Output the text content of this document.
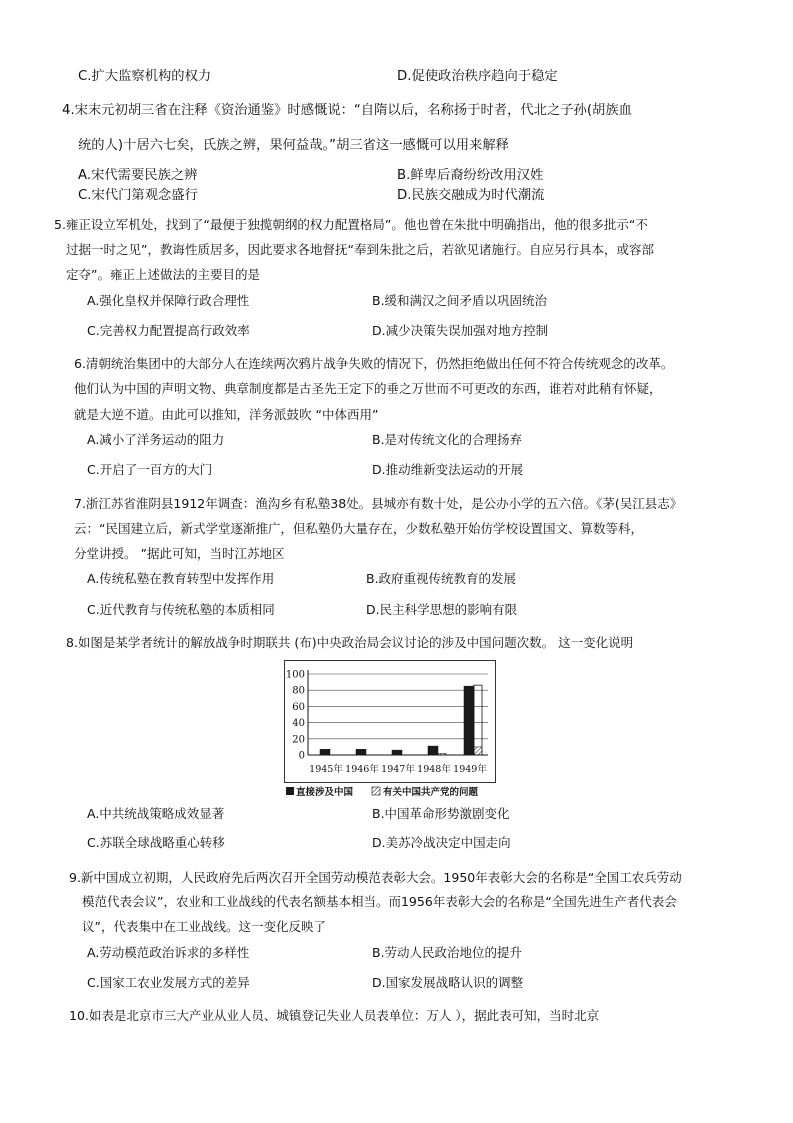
C.扩大监察机构的权力	D.促使政治秩序趋向于稳定
4.宋末元初胡三省在注释《资治通鉴》时感慨说：“自隋以后，名称扬于时者，代北之子孙(胡族血
统的人)十居六七矣，氏族之辨，果何益哉。”胡三省这一感慨可以用来解释
A.宋代需要民族之辨	B.鲜卑后裔纷纷改用汉姓
C.宋代门第观念盛行	D.民族交融成为时代潮流
5.雍正设立军机处，找到了“最便于独揽朝纲的权力配置格局”。他也曾在朱批中明确指出，他的很多批示“不
过据一时之见”，教诲性质居多，因此要求各地督抚“奉到朱批之后，若欲见诸施行。自应另行具本，或容部
定夺”。雍正上述做法的主要目的是
A.强化皇权并保障行政合理性	B.缓和满汉之间矛盾以巩固统治
C.完善权力配置提高行政效率	D.减少决策失误加强对地方控制
6.清朝统治集团中的大部分人在连续两次鸦片战争失败的情况下，仍然拒绝做出任何不符合传统观念的改革。
他们认为中国的声明文物、典章制度都是古圣先王定下的垂之万世而不可更改的东西，谁若对此稍有怀疑，
就是大逆不道。由此可以推知，洋务派鼓吹 “中体西用”
A.减小了洋务运动的阻力	B.是对传统文化的合理扬弃
C.开启了一百方的大门	D.推动维新变法运动的开展
7.浙江苏省淮阴县1912年调查：渔沟乡有私塾38处。县城亦有数十处，是公办小学的五六倍。《茅(吴江县志》
云：“民国建立后，新式学堂逐渐推广，但私塾仍大量存在，少数私塾开始仿学校设置国文、算数等科，
分堂讲授。 ”据此可知，当时江苏地区
A.传统私塾在教育转型中发挥作用	B.政府重视传统教育的发展
C.近代教育与传统私塾的本质相同	D.民主科学思想的影响有限
8.如图是某学者统计的解放战争时期联共 (布)中央政治局会议讨论的涉及中国问题次数。 这一变化说明
100
80
60
40
20
0
1945年 1946年 1947年 1948年 1949年
直接涉及中国	有关中国共产党的问题
A.中共统战策略成效显著	B.中国革命形势激剧变化
C.苏联全球战略重心转移	D.美苏冷战决定中国走向
9.新中国成立初期，人民政府先后两次召开全国劳动模范表彰大会。1950年表彰大会的名称是“全国工农兵劳动
模范代表会议”，农业和工业战线的代表名额基本相当。而1956年表彰大会的名称是“全国先进生产者代表会
议”，代表集中在工业战线。这一变化反映了
A.劳动模范政治诉求的多样性	B.劳动人民政治地位的提升
C.国家工农业发展方式的差异	D.国家发展战略认识的调整
10.如表是北京市三大产业从业人员、城镇登记失业人员表单位：万人 ），据此表可知，当时北京
